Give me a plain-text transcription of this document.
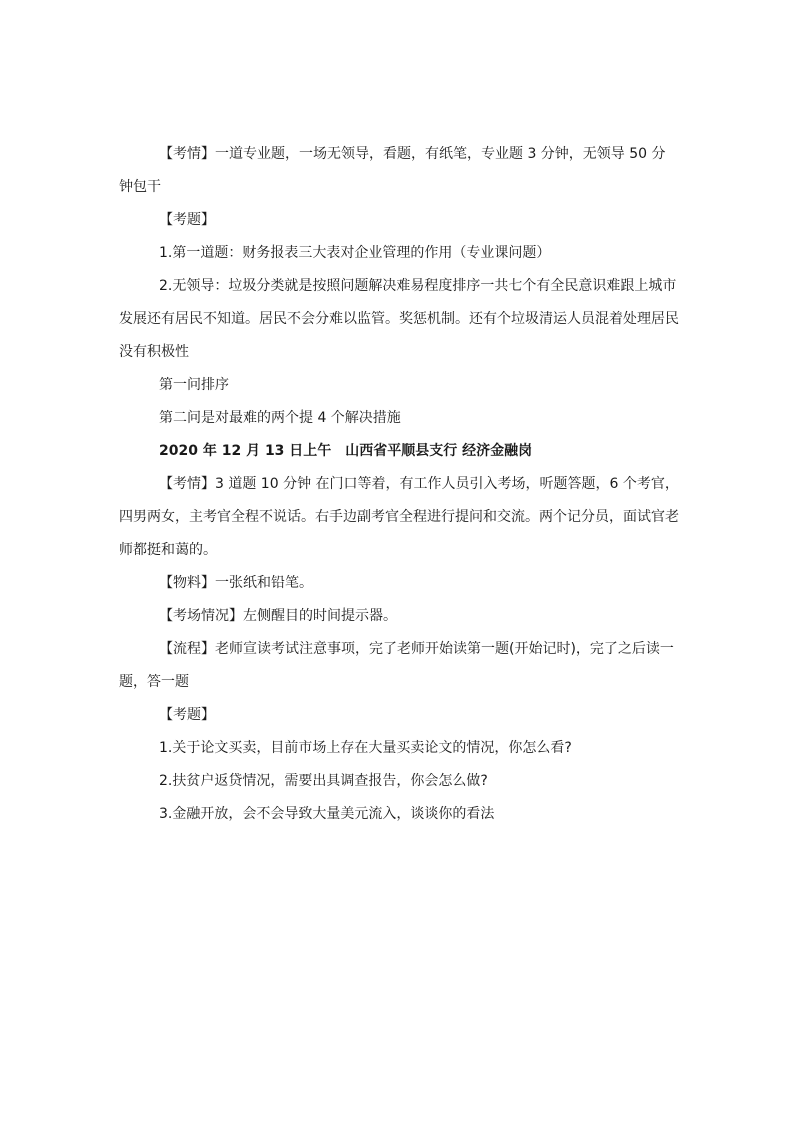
【考情】一道专业题，一场无领导，看题，有纸笔，专业题 3 分钟，无领导 50 分钟包干

【考题】

1.第一道题：财务报表三大表对企业管理的作用（专业课问题）

2.无领导：垃圾分类就是按照问题解决难易程度排序一共七个有全民意识难跟上城市发展还有居民不知道。居民不会分难以监管。奖惩机制。还有个垃圾清运人员混着处理居民没有积极性

第一问排序

第二问是对最难的两个提 4 个解决措施

2020 年 12 月 13 日上午　山西省平顺县支行 经济金融岗

【考情】3 道题 10 分钟 在门口等着，有工作人员引入考场，听题答题，6 个考官，四男两女，主考官全程不说话。右手边副考官全程进行提问和交流。两个记分员，面试官老师都挺和蔼的。

【物料】一张纸和铅笔。

【考场情况】左侧醒目的时间提示器。

【流程】老师宣读考试注意事项，完了老师开始读第一题(开始记时)，完了之后读一题，答一题

【考题】

1.关于论文买卖，目前市场上存在大量买卖论文的情况，你怎么看?

2.扶贫户返贷情况，需要出具调查报告，你会怎么做?

3.金融开放，会不会导致大量美元流入，谈谈你的看法
